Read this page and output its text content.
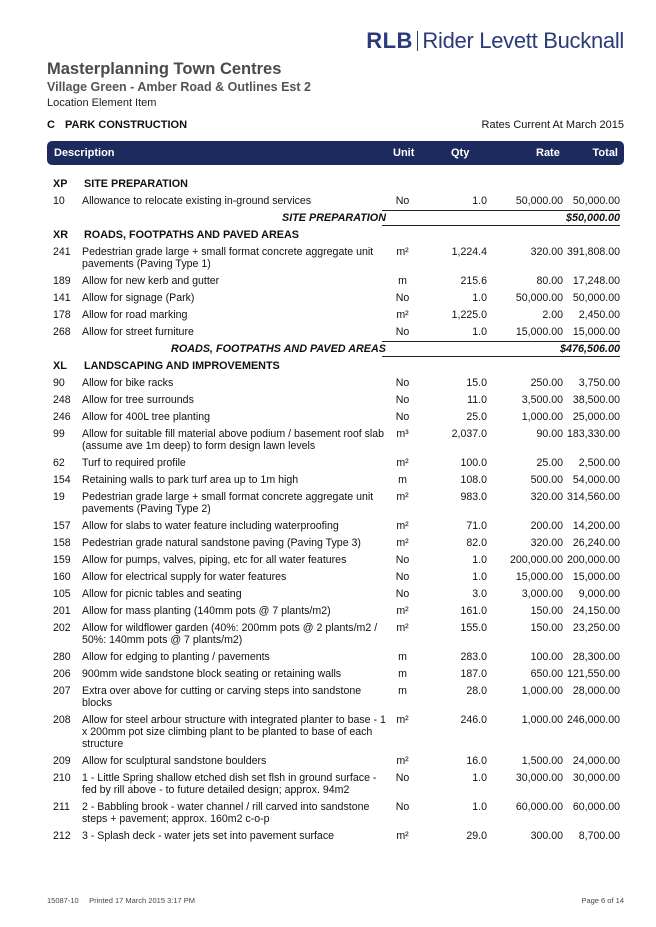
RLB Rider Levett Bucknall
Masterplanning Town Centres
Village Green - Amber Road & Outlines Est 2
Location Element Item
C PARK CONSTRUCTION	Rates Current At March 2015
Description	Unit	Qty	Rate	Total
XP SITE PREPARATION
10 Allowance to relocate existing in-ground services	No	1.0	50,000.00 50,000.00
SITE PREPARATION	$50,000.00
XR ROADS, FOOTPATHS AND PAVED AREAS
241 Pedestrian grade large + small format concrete aggregate unit pavements (Paving Type 1)
m²	1,224.4	320.00 391,808.00
189 Allow for new kerb and gutter	m	215.6	80.00 17,248.00
141 Allow for signage (Park)	No	1.0	50,000.00 50,000.00
178 Allow for road marking	m²	1,225.0	2.00	2,450.00
268 Allow for street furniture	No	1.0	15,000.00 15,000.00
ROADS, FOOTPATHS AND PAVED AREAS	$476,506.00
XL LANDSCAPING AND IMPROVEMENTS
90 Allow for bike racks	No	15.0	250.00	3,750.00
248 Allow for tree surrounds	No	11.0	3,500.00 38,500.00
246 Allow for 400L tree planting	No	25.0	1,000.00 25,000.00
99 Allow for suitable fill material above podium / basement roof slab (assume ave 1m deep) to form design lawn levels
m³	2,037.0	90.00 183,330.00
62 Turf to required profile	m²	100.0	25.00	2,500.00
154 Retaining walls to park turf area up to 1m high	m	108.0	500.00 54,000.00
19 Pedestrian grade large + small format concrete aggregate unit pavements (Paving Type 2)
m²	983.0	320.00 314,560.00
157 Allow for slabs to water feature including waterproofing	m²	71.0	200.00 14,200.00
158 Pedestrian grade natural sandstone paving (Paving Type 3)	m²	82.0	320.00 26,240.00
159 Allow for pumps, valves, piping, etc for all water features	No	1.0	200,000.00 200,000.00
160 Allow for electrical supply for water features	No	1.0	15,000.00 15,000.00
105 Allow for picnic tables and seating	No	3.0	3,000.00	9,000.00
201 Allow for mass planting (140mm pots @ 7 plants/m2)	m²	161.0	150.00 24,150.00
202 Allow for wildflower garden (40%: 200mm pots @ 2 plants/m2 / 50%: 140mm pots @ 7 plants/m2)
m²	155.0	150.00 23,250.00
280 Allow for edging to planting / pavements	m	283.0	100.00 28,300.00
206 900mm wide sandstone block seating or retaining walls	m	187.0	650.00 121,550.00
207 Extra over above for cutting or carving steps into sandstone blocks
m	28.0	1,000.00 28,000.00
208 Allow for steel arbour structure with integrated planter to base - 1 x 200mm pot size climbing plant to be planted to base of each structure
m²	246.0	1,000.00 246,000.00
209 Allow for sculptural sandstone boulders	m²	16.0	1,500.00 24,000.00
210 1 - Little Spring shallow etched dish set flsh in ground surface - fed by rill above - to future detailed design; approx. 94m2
No	1.0	30,000.00 30,000.00
211 2 - Babbling brook - water channel / rill carved into sandstone steps + pavement; approx. 160m2 c-o-p
No	1.0	60,000.00 60,000.00
212 3 - Splash deck - water jets set into pavement surface	m²	29.0	300.00	8,700.00
15087-10     Printed 17 March 2015 3:17 PM	Page 6 of 14
